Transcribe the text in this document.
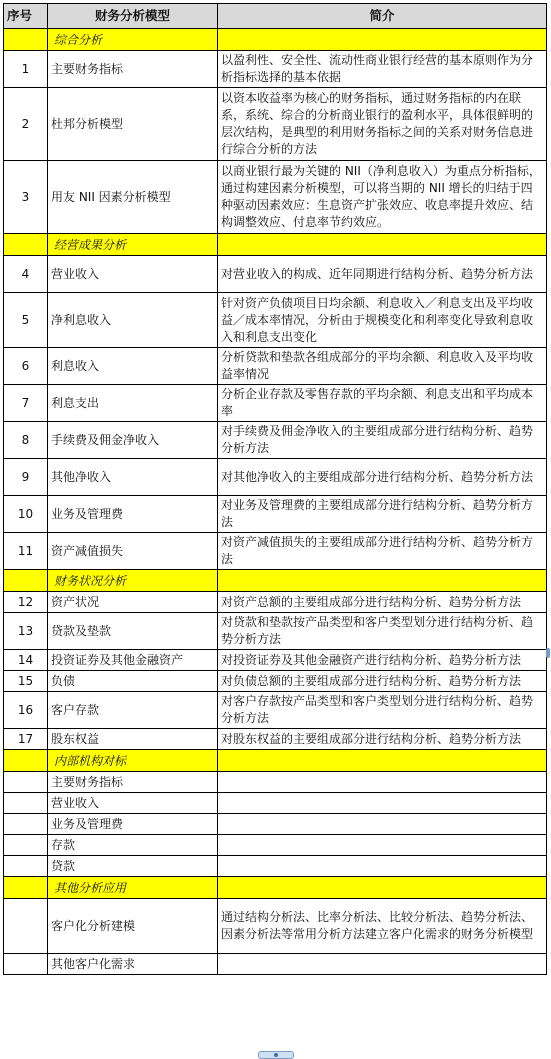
序号	财务分析模型	简介
	综合分析	
1	主要财务指标	以盈利性、安全性、流动性商业银行经营的基本原则作为分析指标选择的基本依据
2	杜邦分析模型	以资本收益率为核心的财务指标，通过财务指标的内在联系，系统、综合的分析商业银行的盈利水平，具体很鲜明的层次结构，是典型的利用财务指标之间的关系对财务信息进行综合分析的方法
3	用友 NII 因素分析模型	以商业银行最为关键的 NII（净利息收入）为重点分析指标，通过构建因素分析模型，可以将当期的 NII 增长的归结于四种驱动因素效应：生息资产扩张效应、收息率提升效应、结构调整效应、付息率节约效应。
	经营成果分析	
4	营业收入	对营业收入的构成、近年同期进行结构分析、趋势分析方法
5	净利息收入	针对资产负债项目日均余额、利息收入／利息支出及平均收益／成本率情况，分析由于规模变化和利率变化导致利息收入和利息支出变化
6	利息收入	分析贷款和垫款各组成部分的平均余额、利息收入及平均收益率情况
7	利息支出	分析企业存款及零售存款的平均余额、利息支出和平均成本率
8	手续费及佣金净收入	对手续费及佣金净收入的主要组成部分进行结构分析、趋势分析方法
9	其他净收入	对其他净收入的主要组成部分进行结构分析、趋势分析方法
10	业务及管理费	对业务及管理费的主要组成部分进行结构分析、趋势分析方法
11	资产减值损失	对资产减值损失的主要组成部分进行结构分析、趋势分析方法
	财务状况分析	
12	资产状况	对资产总额的主要组成部分进行结构分析、趋势分析方法
13	贷款及垫款	对贷款和垫款按产品类型和客户类型划分进行结构分析、趋势分析方法
14	投资证券及其他金融资产	对投资证券及其他金融资产进行结构分析、趋势分析方法
15	负债	对负债总额的主要组成部分进行结构分析、趋势分析方法
16	客户存款	对客户存款按产品类型和客户类型划分进行结构分析、趋势分析方法
17	股东权益	对股东权益的主要组成部分进行结构分析、趋势分析方法
	内部机构对标	
	主要财务指标	
	营业收入	
	业务及管理费	
	存款	
	贷款	
	其他分析应用	
	客户化分析建模	通过结构分析法、比率分析法、比较分析法、趋势分析法、因素分析法等常用分析方法建立客户化需求的财务分析模型
	其他客户化需求	
